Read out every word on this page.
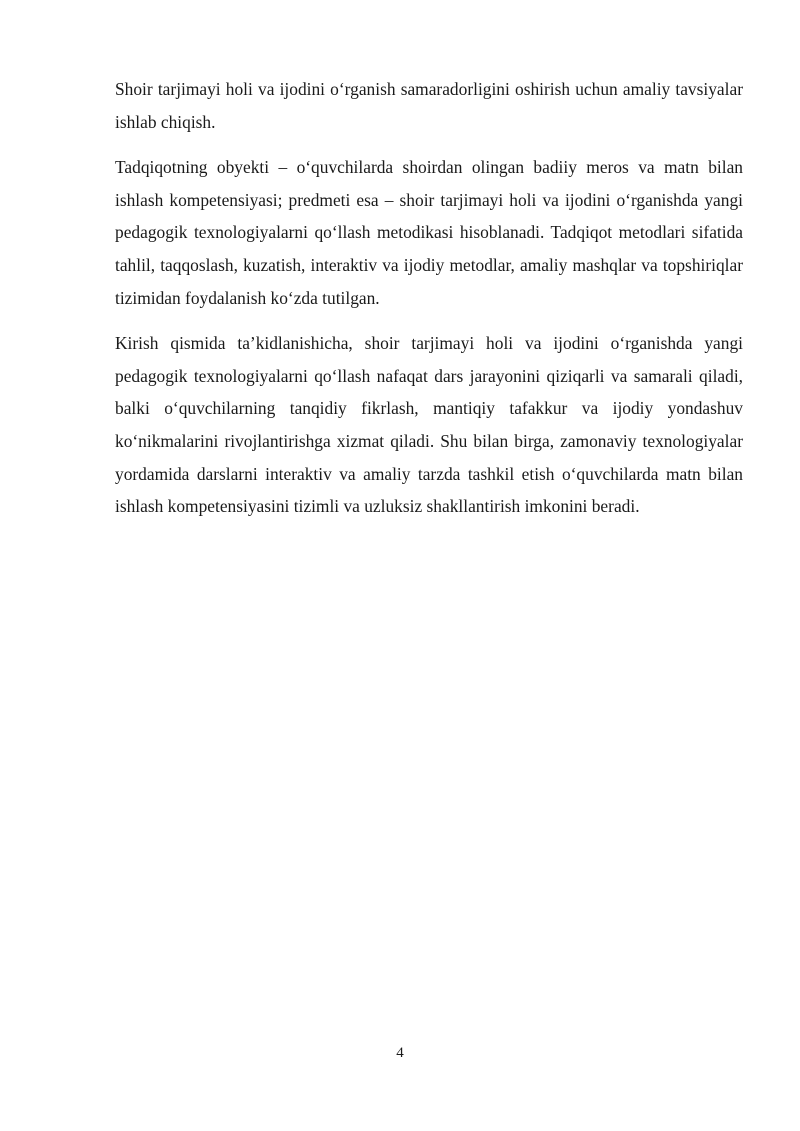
Shoir tarjimayi holi va ijodini o‘rganish samaradorligini oshirish uchun amaliy tavsiyalar ishlab chiqish.

Tadqiqotning obyekti – o‘quvchilarda shoirdan olingan badiiy meros va matn bilan ishlash kompetensiyasi; predmeti esa – shoir tarjimayi holi va ijodini o‘rganishda yangi pedagogik texnologiyalarni qo‘llash metodikasi hisoblanadi. Tadqiqot metodlari sifatida tahlil, taqqoslash, kuzatish, interaktiv va ijodiy metodlar, amaliy mashqlar va topshiriqlar tizimidan foydalanish ko‘zda tutilgan.

Kirish qismida ta’kidlanishicha, shoir tarjimayi holi va ijodini o‘rganishda yangi pedagogik texnologiyalarni qo‘llash nafaqat dars jarayonini qiziqarli va samarali qiladi, balki o‘quvchilarning tanqidiy fikrlash, mantiqiy tafakkur va ijodiy yondashuv ko‘nikmalarini rivojlantirishga xizmat qiladi. Shu bilan birga, zamonaviy texnologiyalar yordamida darslarni interaktiv va amaliy tarzda tashkil etish o‘quvchilarda matn bilan ishlash kompetensiyasini tizimli va uzluksiz shakllantirish imkonini beradi.

4
